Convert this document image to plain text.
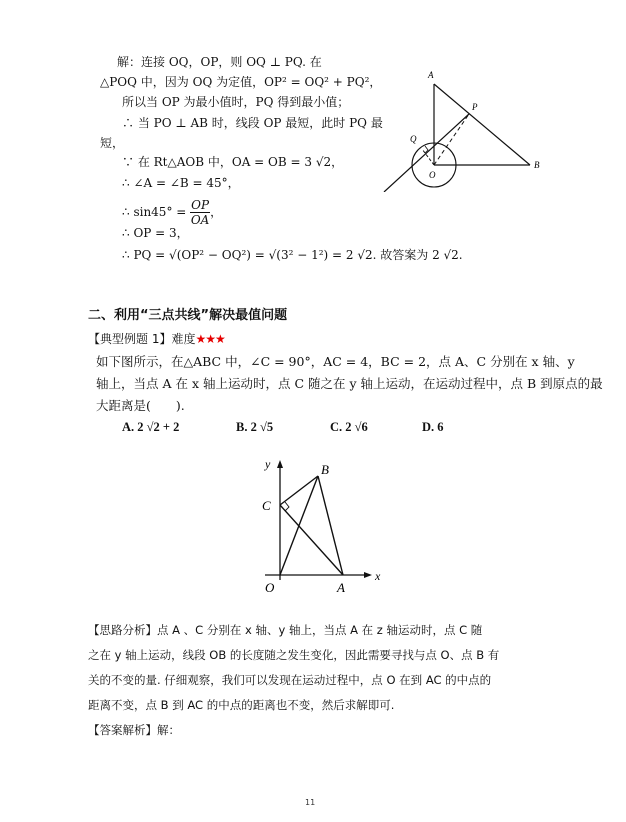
解：连接 OQ，OP，则 OQ ⊥ PQ. 在
△POQ 中，因为 OQ 为定值，OP² = OQ² + PQ²，
所以当 OP 为最小值时，PQ 得到最小值；
∴ 当 PO ⊥ AB 时，线段 OP 最短，此时 PQ 最
短，
∵ 在 Rt△AOB 中，OA = OB = 3 √2，
∴ ∠A = ∠B = 45°，
∴ $\sin 45^\circ = \frac{OP}{OA}$ ，
∴ OP = 3，
∴ PQ = √(OP² − OQ²) = √(3² − 1²) = 2 √2. 故答案为 2 √2.
A
P
Q
O
B
二、利用“三点共线”解决最值问题
【典型例题 1】难度★★★
如下图所示，在△ABC 中，∠C = 90°，AC = 4，BC = 2，点 A、C 分别在 x 轴、y
轴上，当点 A 在 x 轴上运动时，点 C 随之在 y 轴上运动，在运动过程中，点 B 到原点的最
大距离是(　　).
A. 2 √2 + 2	B. 2 √5	C. 2 √6	D. 6
y	B
C
O	A
x
【思路分析】点 A 、C 分别在 x 轴、y 轴上，当点 A 在 z 轴运动时，点 C 随
之在 y 轴上运动，线段 OB 的长度随之发生变化，因此需要寻找与点 O、点 B 有
关的不变的量. 仔细观察，我们可以发现在运动过程中，点 O 在到 AC 的中点的
距离不变，点 B 到 AC 的中点的距离也不变，然后求解即可.
【答案解析】解：
11
